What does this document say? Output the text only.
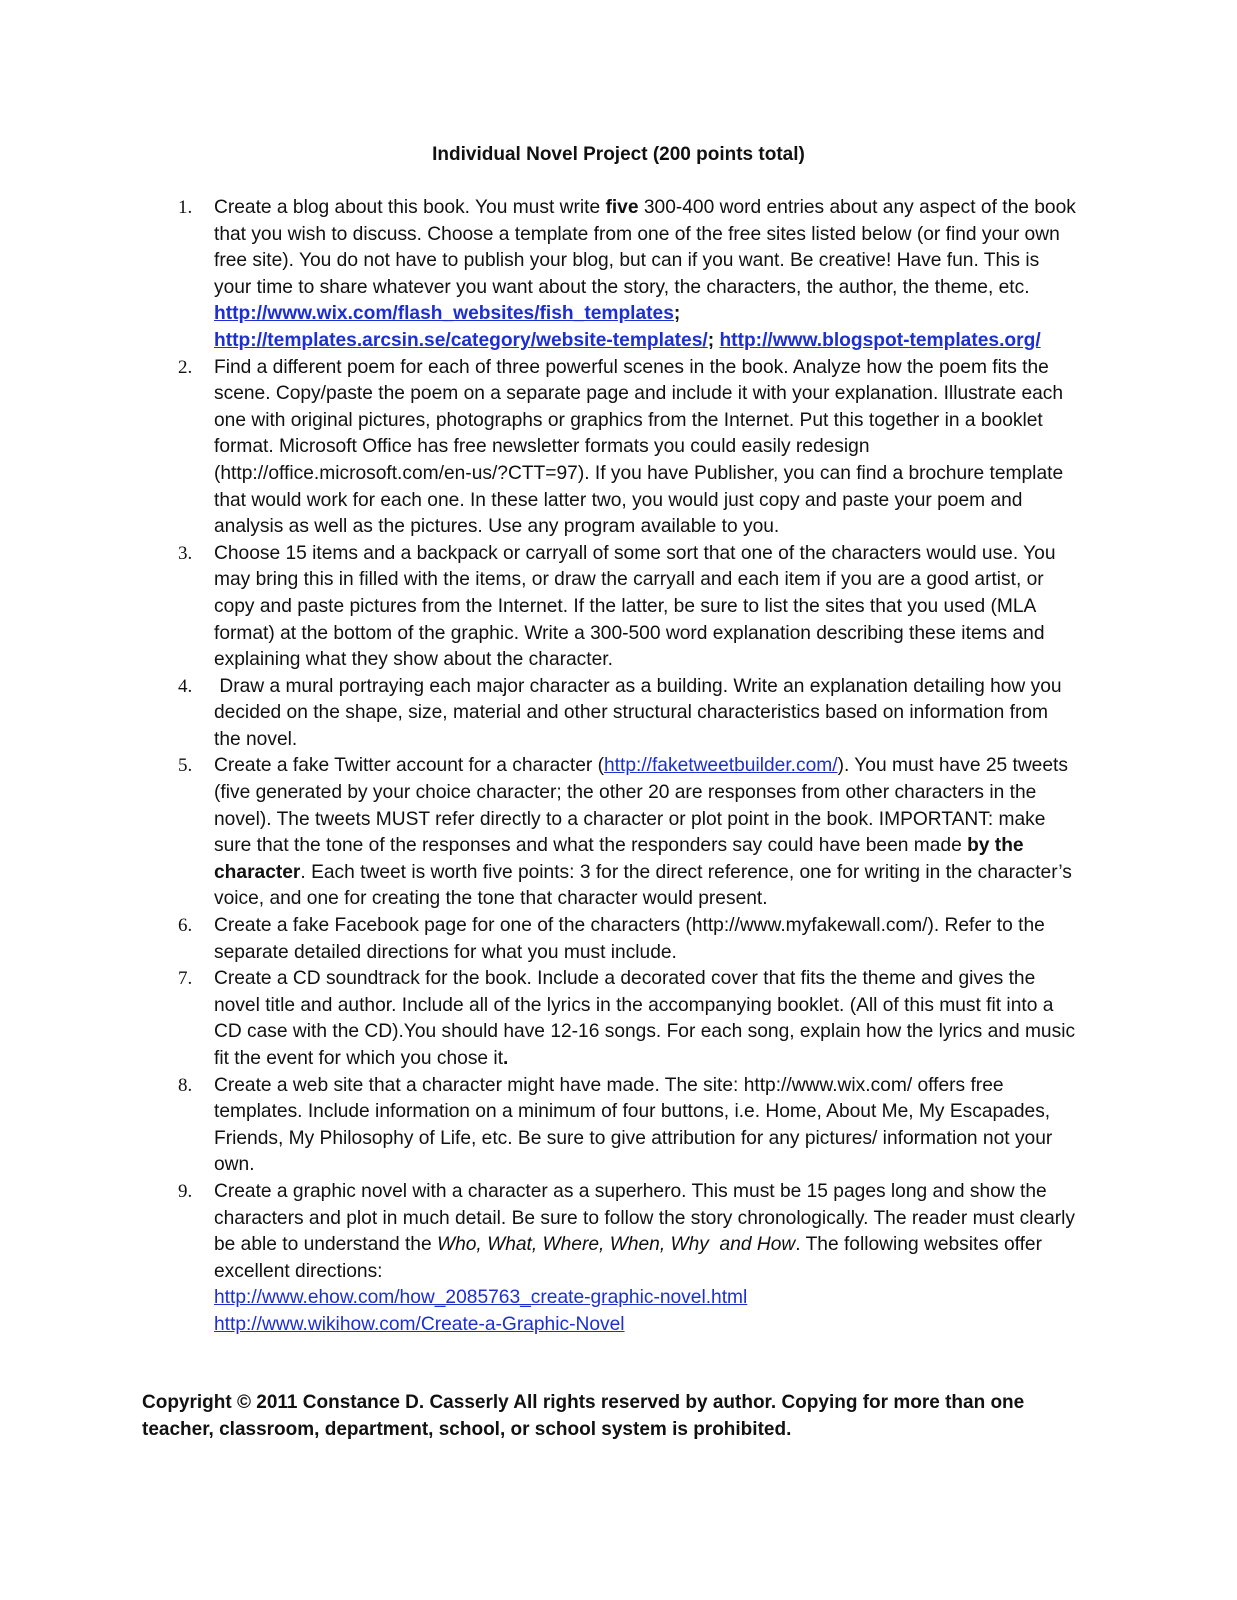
Individual Novel Project (200 points total)
1. Create a blog about this book. You must write five 300-400 word entries about any aspect of the book that you wish to discuss. Choose a template from one of the free sites listed below (or find your own free site). You do not have to publish your blog, but can if you want. Be creative! Have fun. This is your time to share whatever you want about the story, the characters, the author, the theme, etc. http://www.wix.com/flash_websites/fish_templates; http://templates.arcsin.se/category/website-templates/; http://www.blogspot-templates.org/
2. Find a different poem for each of three powerful scenes in the book. Analyze how the poem fits the scene. Copy/paste the poem on a separate page and include it with your explanation. Illustrate each one with original pictures, photographs or graphics from the Internet. Put this together in a booklet format. Microsoft Office has free newsletter formats you could easily redesign (http://office.microsoft.com/en-us/?CTT=97). If you have Publisher, you can find a brochure template that would work for each one. In these latter two, you would just copy and paste your poem and analysis as well as the pictures. Use any program available to you.
3. Choose 15 items and a backpack or carryall of some sort that one of the characters would use. You may bring this in filled with the items, or draw the carryall and each item if you are a good artist, or copy and paste pictures from the Internet. If the latter, be sure to list the sites that you used (MLA format) at the bottom of the graphic. Write a 300-500 word explanation describing these items and explaining what they show about the character.
4. Draw a mural portraying each major character as a building. Write an explanation detailing how you decided on the shape, size, material and other structural characteristics based on information from the novel.
5. Create a fake Twitter account for a character (http://faketweetbuilder.com/). You must have 25 tweets (five generated by your choice character; the other 20 are responses from other characters in the novel). The tweets MUST refer directly to a character or plot point in the book. IMPORTANT: make sure that the tone of the responses and what the responders say could have been made by the character. Each tweet is worth five points: 3 for the direct reference, one for writing in the character’s voice, and one for creating the tone that character would present.
6. Create a fake Facebook page for one of the characters (http://www.myfakewall.com/). Refer to the separate detailed directions for what you must include.
7. Create a CD soundtrack for the book. Include a decorated cover that fits the theme and gives the novel title and author. Include all of the lyrics in the accompanying booklet. (All of this must fit into a CD case with the CD).You should have 12-16 songs. For each song, explain how the lyrics and music fit the event for which you chose it.
8. Create a web site that a character might have made. The site: http://www.wix.com/ offers free templates. Include information on a minimum of four buttons, i.e. Home, About Me, My Escapades, Friends, My Philosophy of Life, etc. Be sure to give attribution for any pictures/ information not your own.
9. Create a graphic novel with a character as a superhero. This must be 15 pages long and show the characters and plot in much detail. Be sure to follow the story chronologically. The reader must clearly be able to understand the Who, What, Where, When, Why  and How. The following websites offer excellent directions:
http://www.ehow.com/how_2085763_create-graphic-novel.html
http://www.wikihow.com/Create-a-Graphic-Novel
Copyright © 2011 Constance D. Casserly All rights reserved by author. Copying for more than one teacher, classroom, department, school, or school system is prohibited.
